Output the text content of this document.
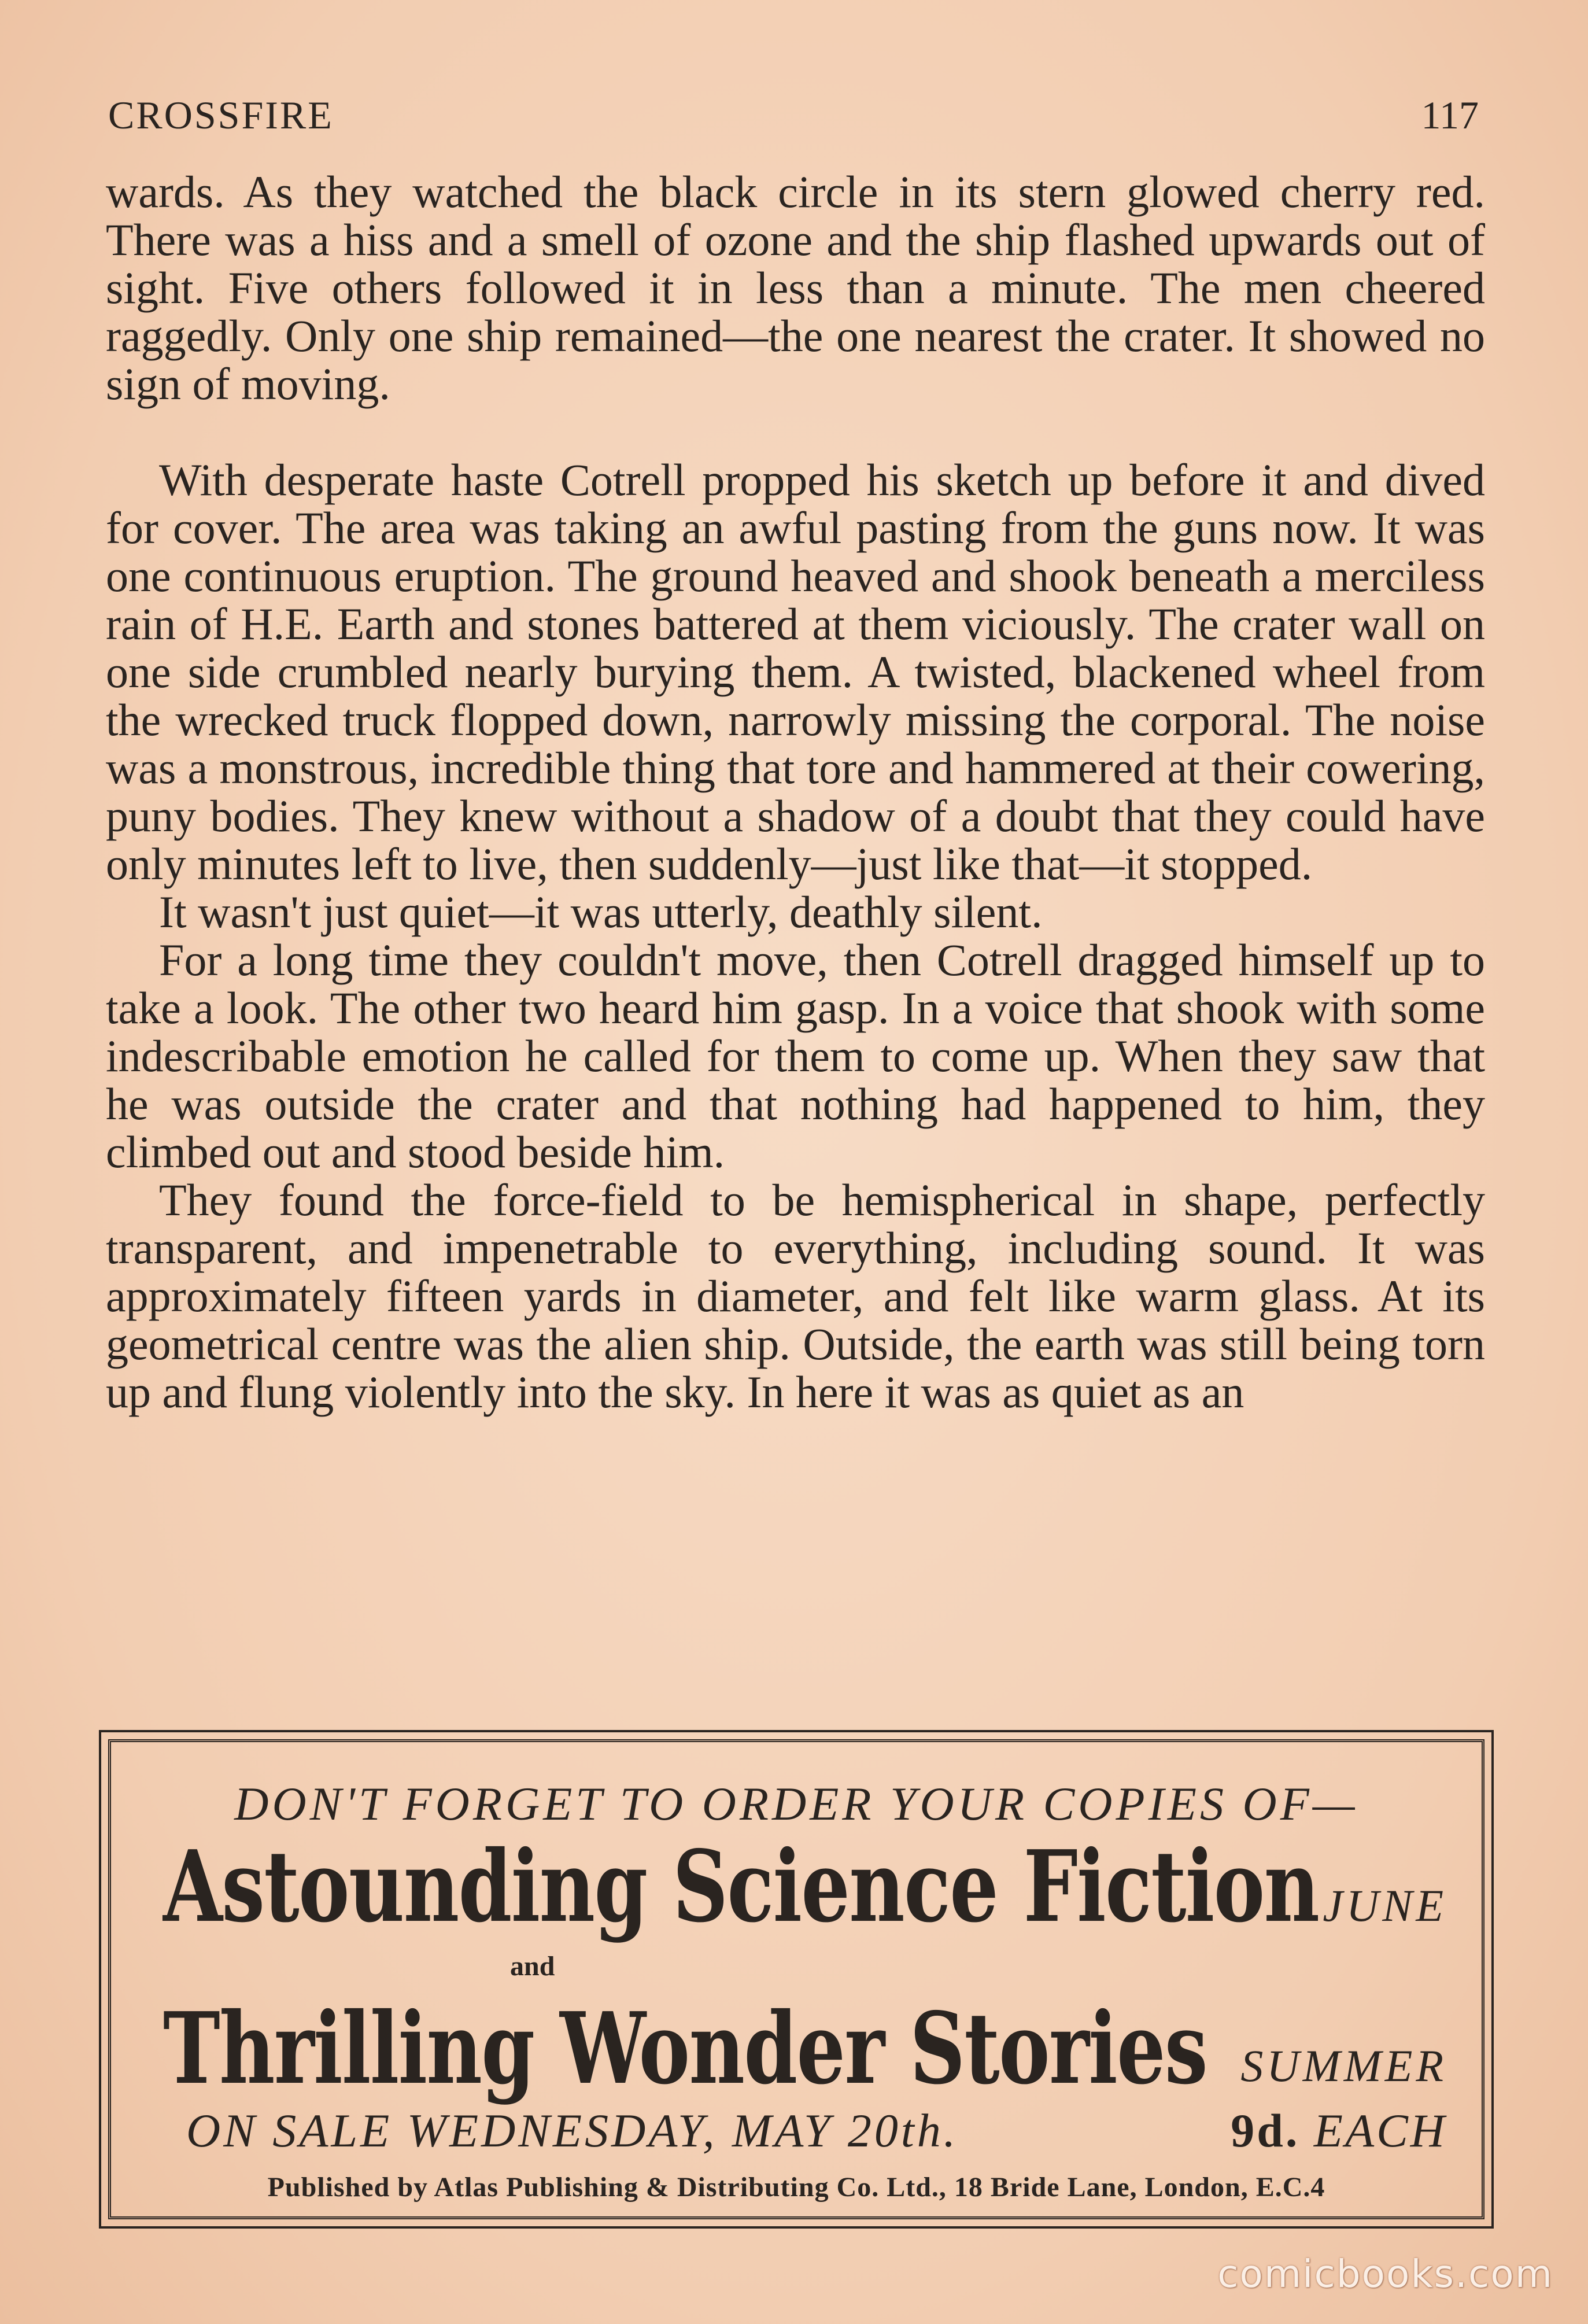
CROSSFIRE	117

wards. As they watched the black circle in its stern glowed cherry red. There was a hiss and a smell of ozone and the ship flashed upwards out of sight. Five others followed it in less than a minute. The men cheered raggedly. Only one ship remained—the one nearest the crater. It showed no sign of moving.

With desperate haste Cotrell propped his sketch up before it and dived for cover. The area was taking an awful pasting from the guns now. It was one continuous eruption. The ground heaved and shook beneath a merciless rain of H.E. Earth and stones battered at them viciously. The crater wall on one side crumbled nearly burying them. A twisted, blackened wheel from the wrecked truck flopped down, narrowly missing the corporal. The noise was a monstrous, incredible thing that tore and hammered at their cowering, puny bodies. They knew without a shadow of a doubt that they could have only minutes left to live, then suddenly—just like that—it stopped.

It wasn't just quiet—it was utterly, deathly silent.

For a long time they couldn't move, then Cotrell dragged himself up to take a look. The other two heard him gasp. In a voice that shook with some indescribable emotion he called for them to come up. When they saw that he was outside the crater and that nothing had happened to him, they climbed out and stood beside him.

They found the force-field to be hemispherical in shape, perfectly transparent, and impenetrable to everything, including sound. It was approximately fifteen yards in diameter, and felt like warm glass. At its geometrical centre was the alien ship. Outside, the earth was still being torn up and flung violently into the sky. In here it was as quiet as an

DON'T FORGET TO ORDER YOUR COPIES OF—
Astounding Science Fiction JUNE
and
Thrilling Wonder Stories SUMMER
ON SALE WEDNESDAY, MAY 20th.	9d. EACH
Published by Atlas Publishing & Distributing Co. Ltd., 18 Bride Lane, London, E.C.4
comicbooks.com
